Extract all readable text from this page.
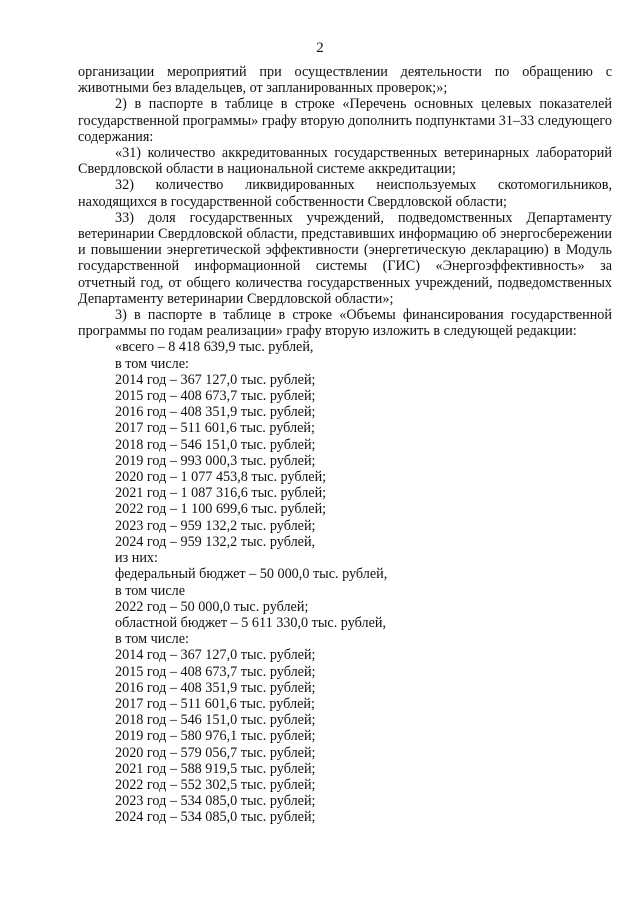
2

организации мероприятий при осуществлении деятельности по обращению с животными без владельцев, от запланированных проверок;»;

2) в паспорте в таблице в строке «Перечень основных целевых показателей государственной программы» графу вторую дополнить подпунктами 31–33 следующего содержания:

«31) количество аккредитованных государственных ветеринарных лабораторий Свердловской области в национальной системе аккредитации;

32) количество ликвидированных неиспользуемых скотомогильников, находящихся в государственной собственности Свердловской области;

33) доля государственных учреждений, подведомственных Департаменту ветеринарии Свердловской области, представивших информацию об энергосбережении и повышении энергетической эффективности (энергетическую декларацию) в Модуль государственной информационной системы (ГИС) «Энергоэффективность» за отчетный год, от общего количества государственных учреждений, подведомственных Департаменту ветеринарии Свердловской области»;

3) в паспорте в таблице в строке «Объемы финансирования государственной программы по годам реализации» графу вторую изложить в следующей редакции:

«всего – 8 418 639,9 тыс. рублей,

в том числе:

2014 год – 367 127,0 тыс. рублей;

2015 год – 408 673,7 тыс. рублей;

2016 год – 408 351,9 тыс. рублей;

2017 год – 511 601,6 тыс. рублей;

2018 год – 546 151,0 тыс. рублей;

2019 год – 993 000,3 тыс. рублей;

2020 год – 1 077 453,8 тыс. рублей;

2021 год – 1 087 316,6 тыс. рублей;

2022 год – 1 100 699,6 тыс. рублей;

2023 год – 959 132,2 тыс. рублей;

2024 год – 959 132,2 тыс. рублей,

из них:

федеральный бюджет – 50 000,0 тыс. рублей,

в том числе

2022 год – 50 000,0 тыс. рублей;

областной бюджет – 5 611 330,0 тыс. рублей,

в том числе:

2014 год – 367 127,0 тыс. рублей;

2015 год – 408 673,7 тыс. рублей;

2016 год – 408 351,9 тыс. рублей;

2017 год – 511 601,6 тыс. рублей;

2018 год – 546 151,0 тыс. рублей;

2019 год – 580 976,1 тыс. рублей;

2020 год – 579 056,7 тыс. рублей;

2021 год – 588 919,5 тыс. рублей;

2022 год – 552 302,5 тыс. рублей;

2023 год – 534 085,0 тыс. рублей;

2024 год – 534 085,0 тыс. рублей;
